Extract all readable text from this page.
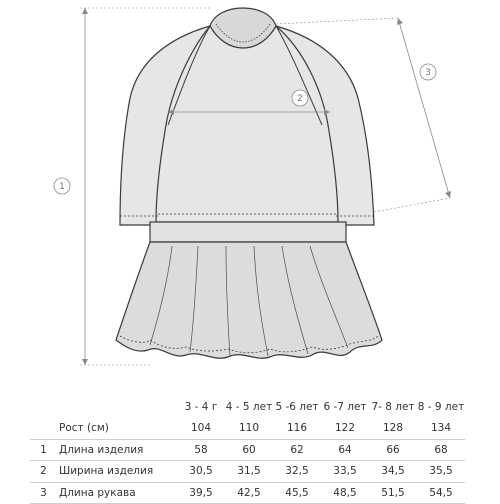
1
2
3
		3 - 4 г	4 - 5 лет	5 -6 лет	6 -7 лет	7- 8 лет	8 - 9 лет
	Рост (см)	104	110	116	122	128	134
1	Длина изделия	58	60	62	64	66	68
2	Ширина изделия	30,5	31,5	32,5	33,5	34,5	35,5
3	Длина рукава	39,5	42,5	45,5	48,5	51,5	54,5
